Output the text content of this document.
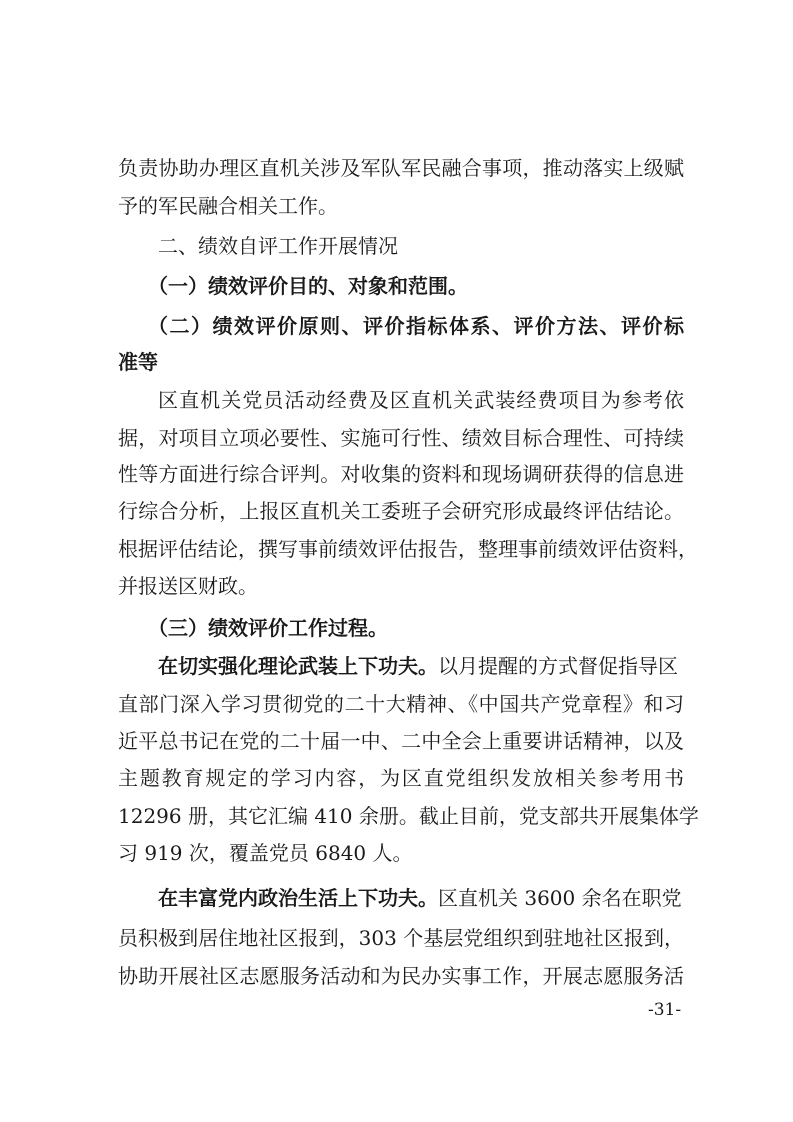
负责协助办理区直机关涉及军队军民融合事项，推动落实上级赋
予的军民融合相关工作。
二、绩效自评工作开展情况
（一）绩效评价目的、对象和范围。
（二）绩效评价原则、评价指标体系、评价方法、评价标
准等
区直机关党员活动经费及区直机关武装经费项目为参考依
据，对项目立项必要性、实施可行性、绩效目标合理性、可持续
性等方面进行综合评判。对收集的资料和现场调研获得的信息进
行综合分析，上报区直机关工委班子会研究形成最终评估结论。
根据评估结论，撰写事前绩效评估报告，整理事前绩效评估资料，
并报送区财政。
（三）绩效评价工作过程。
在切实强化理论武装上下功夫。以月提醒的方式督促指导区
直部门深入学习贯彻党的二十大精神、《中国共产党章程》和习
近平总书记在党的二十届一中、二中全会上重要讲话精神，以及
主题教育规定的学习内容，为区直党组织发放相关参考用书
12296 册，其它汇编 410 余册。截止目前，党支部共开展集体学
习 919 次，覆盖党员 6840 人。
在丰富党内政治生活上下功夫。区直机关 3600 余名在职党
员积极到居住地社区报到，303 个基层党组织到驻地社区报到，
协助开展社区志愿服务活动和为民办实事工作，开展志愿服务活
-31-
